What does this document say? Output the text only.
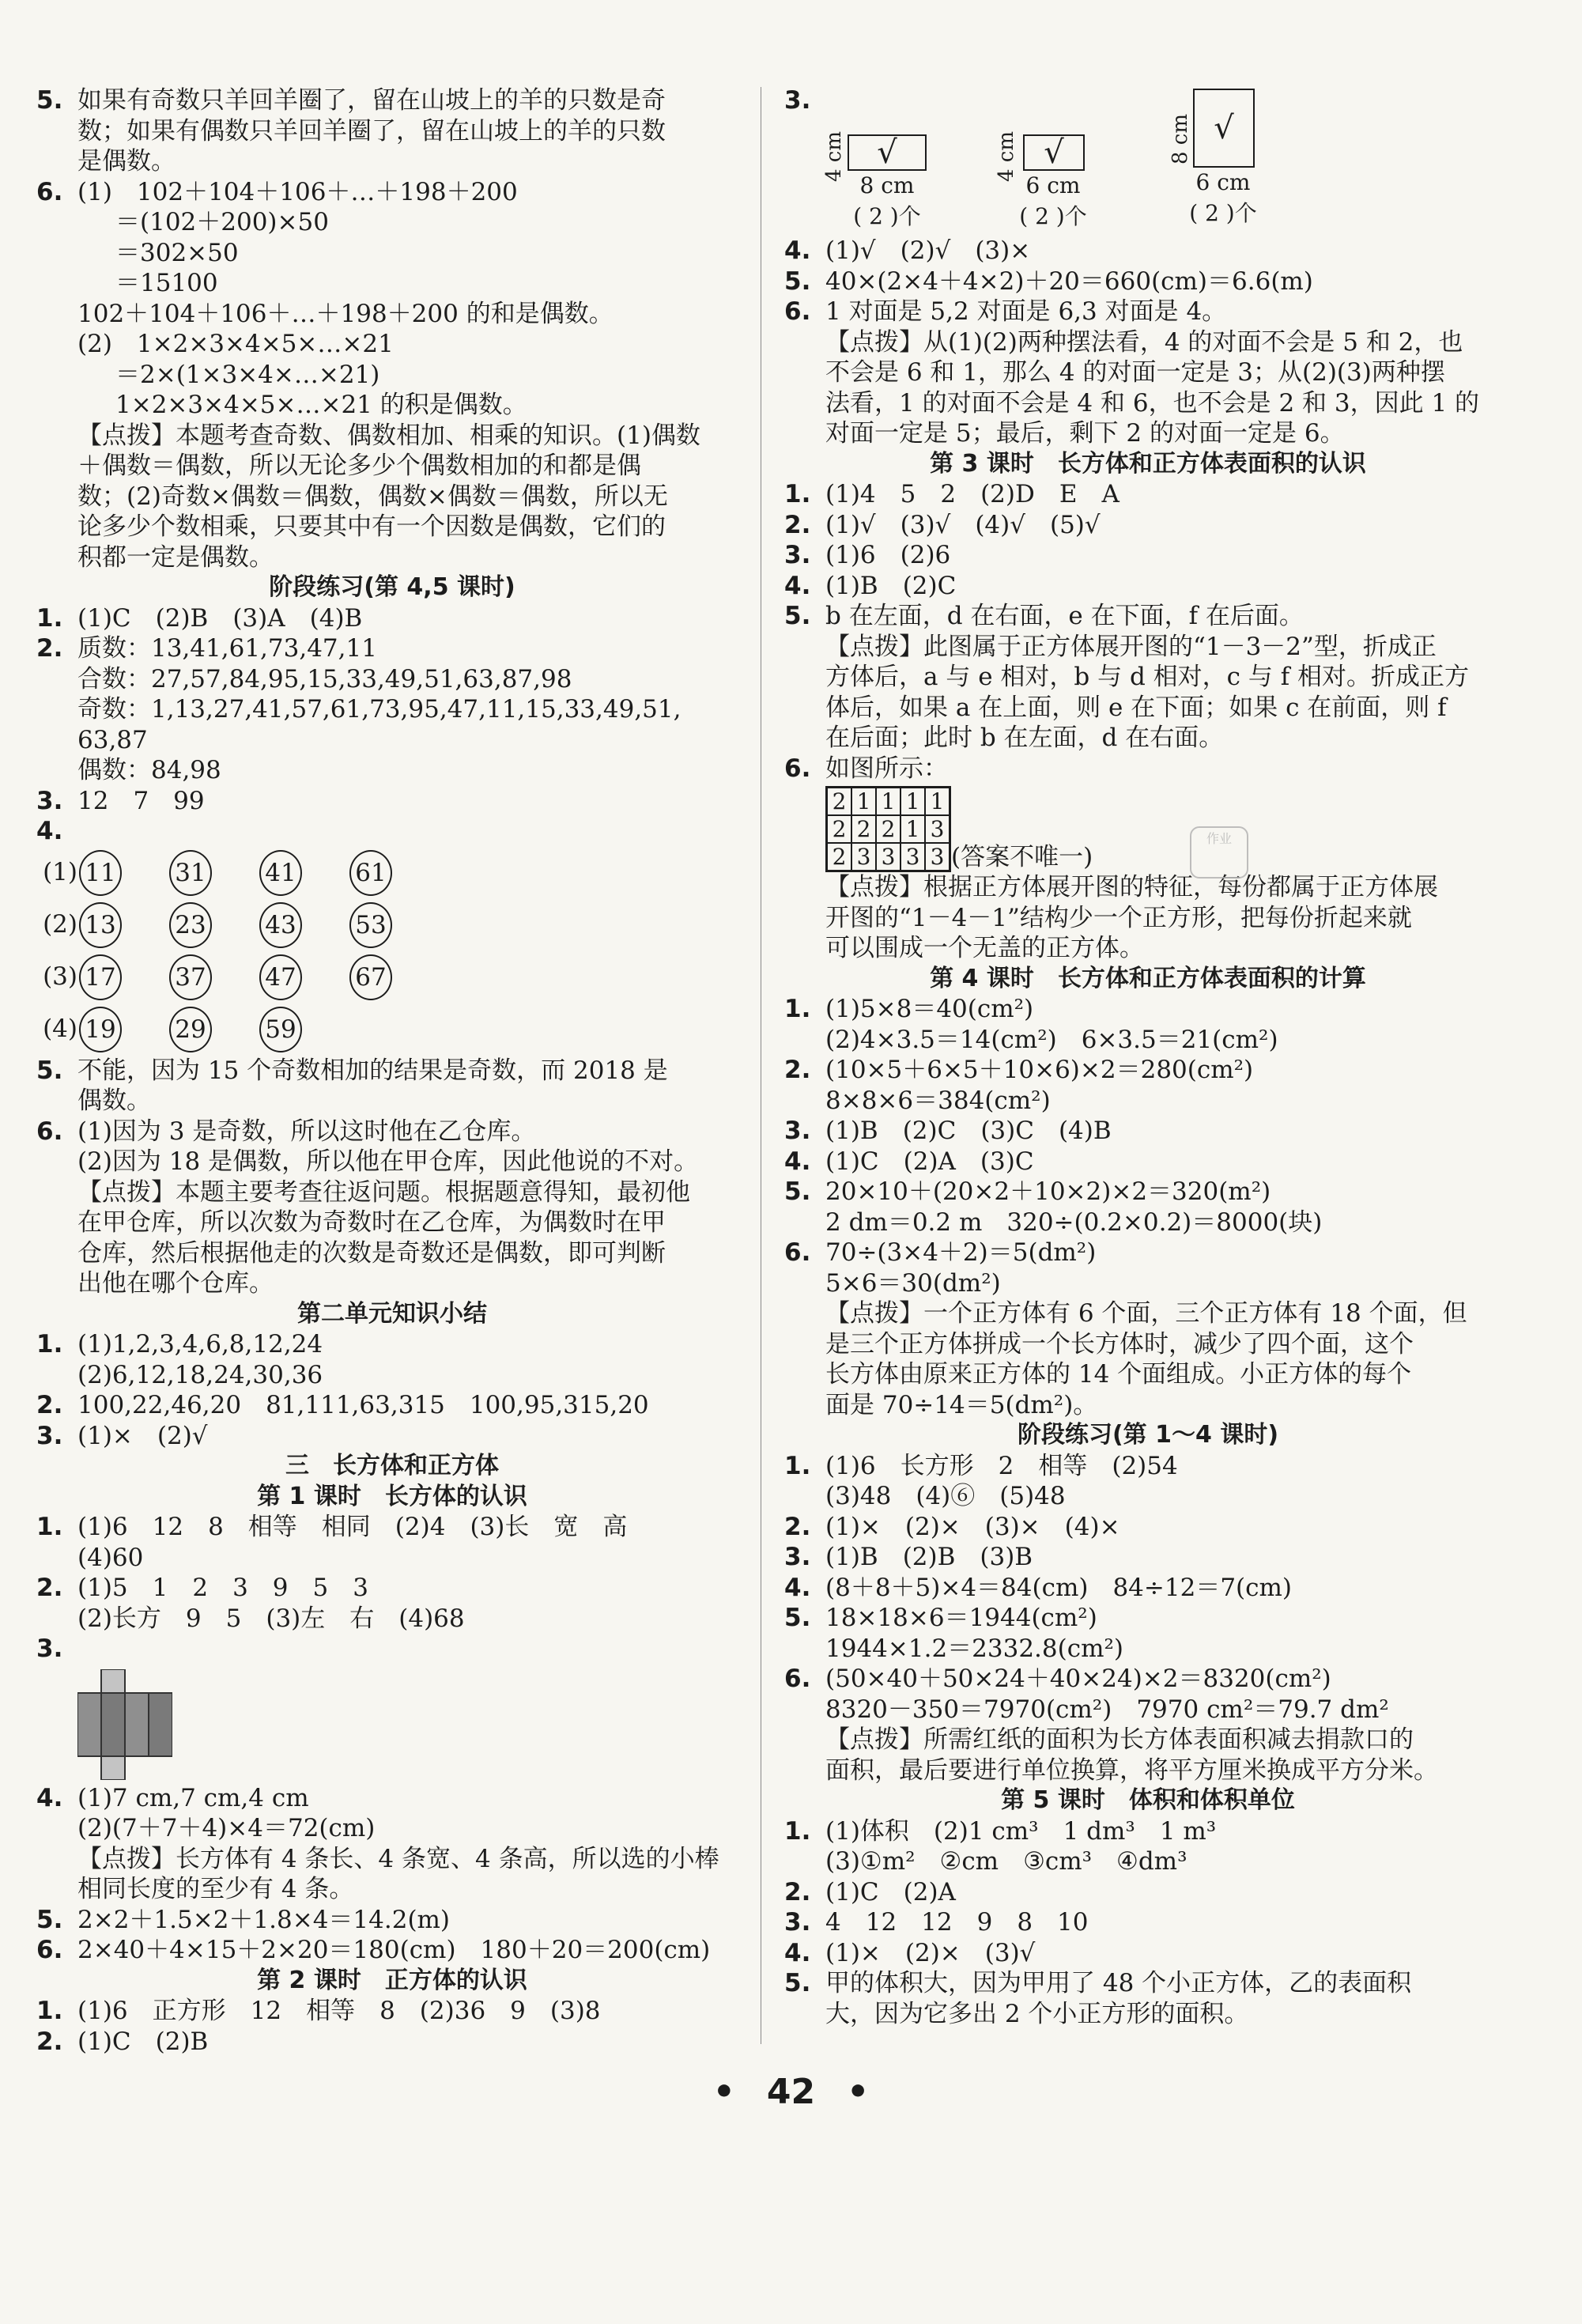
5. 如果有奇数只羊回羊圈了，留在山坡上的羊的只数是奇
数；如果有偶数只羊回羊圈了，留在山坡上的羊的只数
是偶数。
6. (1)　102＋104＋106＋…＋198＋200
＝(102＋200)×50
＝302×50
＝15100
102＋104＋106＋…＋198＋200 的和是偶数。
(2)　1×2×3×4×5×…×21
＝2×(1×3×4×…×21)
1×2×3×4×5×…×21 的积是偶数。
【点拨】本题考查奇数、偶数相加、相乘的知识。(1)偶数
＋偶数＝偶数，所以无论多少个偶数相加的和都是偶
数；(2)奇数×偶数＝偶数，偶数×偶数＝偶数，所以无
论多少个数相乘，只要其中有一个因数是偶数，它们的
积都一定是偶数。
阶段练习(第 4,5 课时)
1. (1)C　(2)B　(3)A　(4)B
2. 质数：13,41,61,73,47,11
合数：27,57,84,95,15,33,49,51,63,87,98
奇数：1,13,27,41,57,61,73,95,47,11,15,33,49,51,
63,87
偶数：84,98
3. 12　7　99
4.
(1) 11 31 41 61
(2) 13 23 43 53
(3) 17 37 47 67
(4) 19 29 59
5. 不能，因为 15 个奇数相加的结果是奇数，而 2018 是
偶数。
6. (1)因为 3 是奇数，所以这时他在乙仓库。
(2)因为 18 是偶数，所以他在甲仓库，因此他说的不对。
【点拨】本题主要考查往返问题。根据题意得知，最初他
在甲仓库，所以次数为奇数时在乙仓库，为偶数时在甲
仓库，然后根据他走的次数是奇数还是偶数，即可判断
出他在哪个仓库。
第二单元知识小结
1. (1)1,2,3,4,6,8,12,24
(2)6,12,18,24,30,36
2. 100,22,46,20　81,111,63,315　100,95,315,20
3. (1)×　(2)√
三　长方体和正方体
第 1 课时　长方体的认识
1. (1)6　12　8　相等　相同　(2)4　(3)长　宽　高
(4)60
2. (1)5　1　2　3　9　5　3
(2)长方　9　5　(3)左　右　(4)68
3.
4. (1)7 cm,7 cm,4 cm
(2)(7＋7＋4)×4＝72(cm)
【点拨】长方体有 4 条长、4 条宽、4 条高，所以选的小棒
相同长度的至少有 4 条。
5. 2×2＋1.5×2＋1.8×4＝14.2(m)
6. 2×40＋4×15＋2×20＝180(cm)　180＋20＝200(cm)
第 2 课时　正方体的认识
1. (1)6　正方形　12　相等　8　(2)36　9　(3)8
2. (1)C　(2)B
3.
4 cm √
8 cm
( 2 )个
4 cm √
6 cm
( 2 )个
8 cm √
6 cm
( 2 )个
4. (1)√　(2)√　(3)×
5. 40×(2×4＋4×2)＋20＝660(cm)＝6.6(m)
6. 1 对面是 5,2 对面是 6,3 对面是 4。
【点拨】从(1)(2)两种摆法看，4 的对面不会是 5 和 2，也
不会是 6 和 1，那么 4 的对面一定是 3；从(2)(3)两种摆
法看，1 的对面不会是 4 和 6，也不会是 2 和 3，因此 1 的
对面一定是 5；最后，剩下 2 的对面一定是 6。
第 3 课时　长方体和正方体表面积的认识
1. (1)4　5　2　(2)D　E　A
2. (1)√　(3)√　(4)√　(5)√
3. (1)6　(2)6
4. (1)B　(2)C
5. b 在左面，d 在右面，e 在下面，f 在后面。
【点拨】此图属于正方体展开图的“1－3－2”型，折成正
方体后，a 与 e 相对，b 与 d 相对，c 与 f 相对。折成正方
体后，如果 a 在上面，则 e 在下面；如果 c 在前面，则 f
在后面；此时 b 在左面，d 在右面。
6. 如图所示：
2 1 1 1 1
2 2 2 1 3
2 3 3 3 3 (答案不唯一)
【点拨】根据正方体展开图的特征，每份都属于正方体展
开图的“1－4－1”结构少一个正方形，把每份折起来就
可以围成一个无盖的正方体。
第 4 课时　长方体和正方体表面积的计算
1. (1)5×8＝40(cm²)
(2)4×3.5＝14(cm²)　6×3.5＝21(cm²)
2. (10×5＋6×5＋10×6)×2＝280(cm²)
8×8×6＝384(cm²)
3. (1)B　(2)C　(3)C　(4)B
4. (1)C　(2)A　(3)C
5. 20×10＋(20×2＋10×2)×2＝320(m²)
2 dm＝0.2 m　320÷(0.2×0.2)＝8000(块)
6. 70÷(3×4＋2)＝5(dm²)
5×6＝30(dm²)
【点拨】一个正方体有 6 个面，三个正方体有 18 个面，但
是三个正方体拼成一个长方体时，减少了四个面，这个
长方体由原来正方体的 14 个面组成。小正方体的每个
面是 70÷14＝5(dm²)。
阶段练习(第 1～4 课时)
1. (1)6　长方形　2　相等　(2)54
(3)48　(4)⑥　(5)48
2. (1)×　(2)×　(3)×　(4)×
3. (1)B　(2)B　(3)B
4. (8＋8＋5)×4＝84(cm)　84÷12＝7(cm)
5. 18×18×6＝1944(cm²)
1944×1.2＝2332.8(cm²)
6. (50×40＋50×24＋40×24)×2＝8320(cm²)
8320－350＝7970(cm²)　7970 cm²＝79.7 dm²
【点拨】所需红纸的面积为长方体表面积减去捐款口的
面积，最后要进行单位换算，将平方厘米换成平方分米。
第 5 课时　体积和体积单位
1. (1)体积　(2)1 cm³　1 dm³　1 m³
(3)①m²　②cm　③cm³　④dm³
2. (1)C　(2)A
3. 4　12　12　9　8　10
4. (1)×　(2)×　(3)√
5. 甲的体积大，因为甲用了 48 个小正方体，乙的表面积
大，因为它多出 2 个小正方形的面积。
作业
• 42 •
